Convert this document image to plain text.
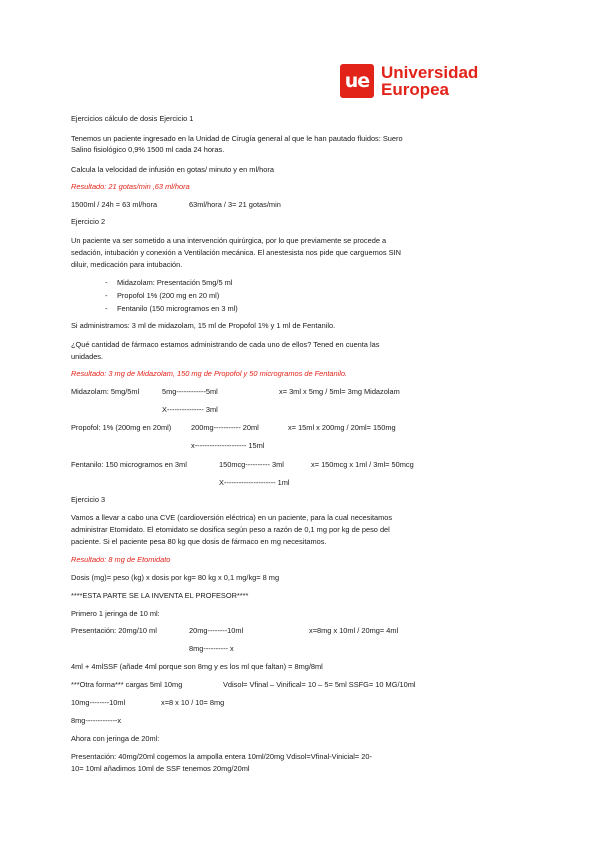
ue Universidad
Europea
Ejercicios cálculo de dosis Ejercicio 1
Tenemos un paciente ingresado en la Unidad de Cirugía general al que le han pautado fluidos: Suero
Salino fisiológico 0,9% 1500 ml cada 24 horas.
Calcula la velocidad de infusión en gotas/ minuto y en ml/hora
Resultado: 21 gotas/min ,63 ml/hora
1500ml / 24h = 63 ml/hora	63ml/hora / 3= 21 gotas/min
Ejercicio 2
Un paciente va ser sometido a una intervención quirúrgica, por lo que previamente se procede a
sedación, intubación y conexión a Ventilación mecánica. El anestesista nos pide que carguemos SIN
diluir, medicación para intubación.
- Midazolam: Presentación 5mg/5 ml
- Propofol 1% (200 mg en 20 ml)
- Fentanilo (150 microgramos en 3 ml)
Si administramos: 3 ml de midazolam, 15 ml de Propofol 1% y 1 ml de Fentanilo.
¿Qué cantidad de fármaco estamos administrando de cada uno de ellos? Tened en cuenta las
unidades.
Resultado: 3 mg de Midazolam, 150 mg de Propofol y 50 microgramos de Fentanilo.
Midazolam: 5mg/5ml	5mg------------5ml	x= 3ml x 5mg / 5ml= 3mg Midazolam
X--------------- 3ml
Propofol: 1% (200mg en 20ml)	200mg----------- 20ml	x= 15ml x 200mg / 20ml= 150mg
x--------------------- 15ml
Fentanilo: 150 microgramos en 3ml	150mcg---------- 3ml	x= 150mcg x 1ml / 3ml= 50mcg
X--------------------- 1ml
Ejercicio 3
Vamos a llevar a cabo una CVE (cardioversión eléctrica) en un paciente, para la cual necesitamos
administrar Etomidato. El etomidato se dosifica según peso a razón de 0,1 mg por kg de peso del
paciente. Si el paciente pesa 80 kg que dosis de fármaco en mg necesitamos.
Resultado: 8 mg de Etomidato
Dosis (mg)= peso (kg) x dosis por kg= 80 kg x 0,1 mg/kg= 8 mg
****ESTA PARTE SE LA INVENTA EL PROFESOR****
Primero 1 jeringa de 10 ml:
Presentación: 20mg/10 ml	20mg--------10ml	x=8mg x 10ml / 20mg= 4ml
8mg---------- x
4ml + 4mlSSF (añade 4ml porque son 8mg y es los ml que faltan) = 8mg/8ml
***Otra forma*** cargas 5ml 10mg	Vdisol= Vfinal – Vinifical= 10 – 5= 5ml SSFG= 10 MG/10ml
10mg--------10ml	x=8 x 10 / 10= 8mg
8mg-------------x
Ahora con jeringa de 20ml:
Presentación: 40mg/20ml cogemos la ampolla entera 10ml/20mg Vdisol=Vfinal-Vinicial= 20-
10= 10ml añadimos 10ml de SSF tenemos 20mg/20ml
